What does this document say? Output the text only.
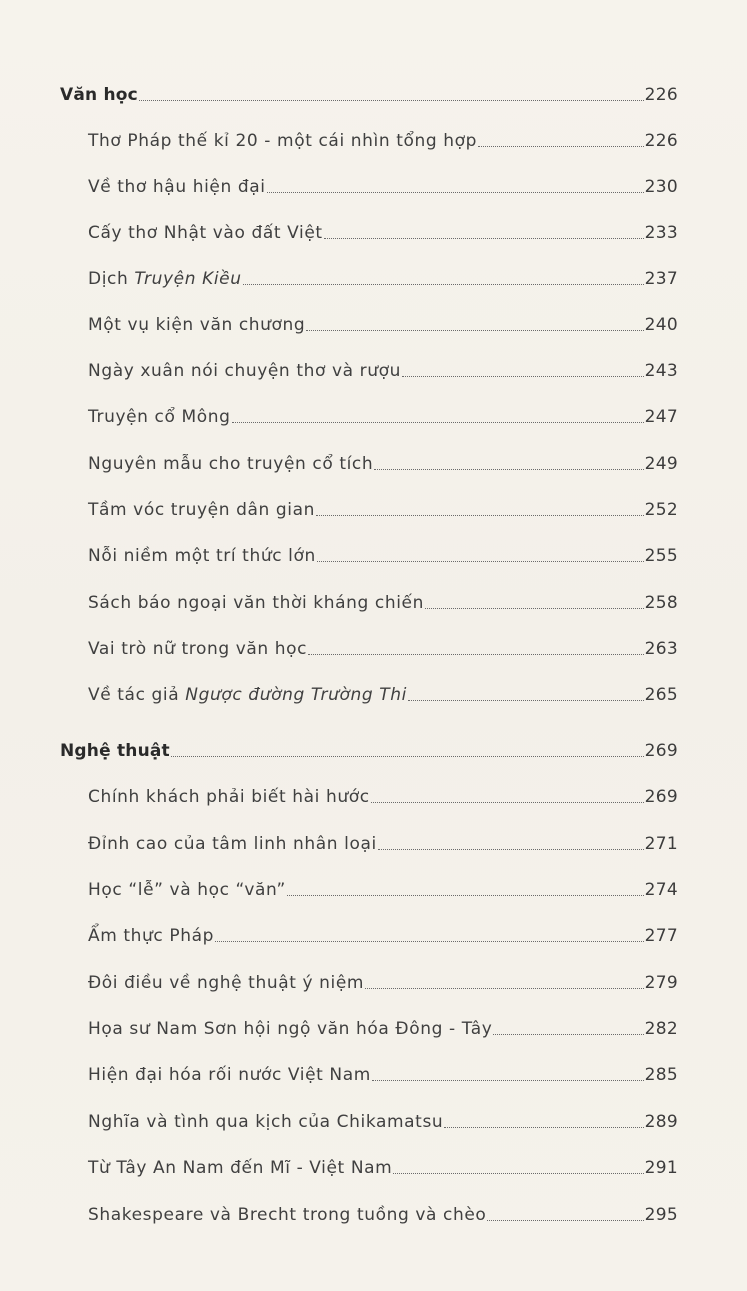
Văn học	226
Thơ Pháp thế kỉ 20 - một cái nhìn tổng hợp	226
Về thơ hậu hiện đại	230
Cấy thơ Nhật vào đất Việt	233
Dịch Truyện Kiều	237
Một vụ kiện văn chương	240
Ngày xuân nói chuyện thơ và rượu	243
Truyện cổ Mông	247
Nguyên mẫu cho truyện cổ tích	249
Tầm vóc truyện dân gian	252
Nỗi niềm một trí thức lớn	255
Sách báo ngoại văn thời kháng chiến	258
Vai trò nữ trong văn học	263
Về tác giả Ngược đường Trường Thi	265
Nghệ thuật	269
Chính khách phải biết hài hước	269
Đỉnh cao của tâm linh nhân loại	271
Học “lễ” và học “văn”	274
Ẩm thực Pháp	277
Đôi điều về nghệ thuật ý niệm	279
Họa sư Nam Sơn hội ngộ văn hóa Đông - Tây	282
Hiện đại hóa rối nước Việt Nam	285
Nghĩa và tình qua kịch của Chikamatsu	289
Từ Tây An Nam đến Mĩ - Việt Nam	291
Shakespeare và Brecht trong tuồng và chèo	295
